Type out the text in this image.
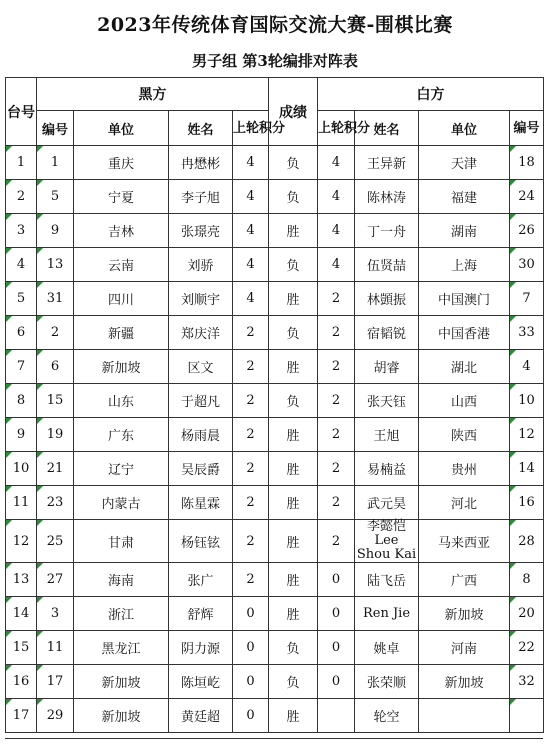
2023年传统体育国际交流大赛-围棋比赛
男子组 第3轮编排对阵表
台号	黑方				成绩	白方			
	编号	单位	姓名	上轮积分		上轮积分	姓名	单位	编号
1	1	重庆	冉懋彬	4	负	4	王异新	天津	18
2	5	宁夏	李子旭	4	负	4	陈林涛	福建	24
3	9	吉林	张璟亮	4	胜	4	丁一舟	湖南	26
4	13	云南	刘骄	4	负	4	伍贤喆	上海	30
5	31	四川	刘顺宇	4	胜	2	林顗振	中国澳门	7
6	2	新疆	郑庆洋	2	负	2	宿韬锐	中国香港	33
7	6	新加坡	区文	2	胜	2	胡睿	湖北	4
8	15	山东	于超凡	2	负	2	张天钰	山西	10
9	19	广东	杨雨晨	2	胜	2	王旭	陕西	12
10	21	辽宁	吴辰爵	2	胜	2	易楠益	贵州	14
11	23	内蒙古	陈星霖	2	胜	2	武元昊	河北	16
12	25	甘肃	杨钰铉	2	胜	2	李懿恺
Lee
Shou Kai	马来西亚	28
13	27	海南	张广	2	胜	0	陆飞岳	广西	8
14	3	浙江	舒辉	0	胜	0	Ren Jie	新加坡	20
15	11	黑龙江	阴力源	0	负	0	姚卓	河南	22
16	17	新加坡	陈垣屹	0	负	0	张荣顺	新加坡	32
17	29	新加坡	黄廷超	0	胜		轮空		
